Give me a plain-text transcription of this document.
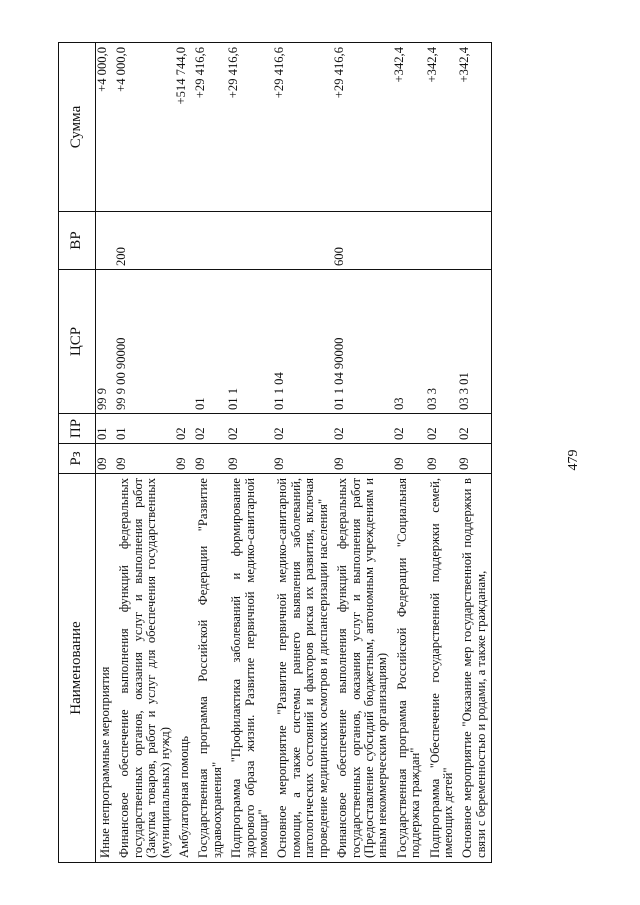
479
Наименование	Рз	ПР	ЦСР	ВР	Сумма
Иные непрограммные мероприятия	09	01	99 9		+4 000,0
Финансовое обеспечение выполнения функций федеральных государственных органов, оказания услуг и выполнения работ (Закупка товаров, работ и услуг для обеспечения государственных (муниципальных) нужд)	09	01	99 9 00 90000	200	+4 000,0
Амбулаторная помощь	09	02			+514 744,0
Государственная программа Российской Федерации "Развитие здравоохранения"	09	02	01		+29 416,6
Подпрограмма "Профилактика заболеваний и формирование здорового образа жизни. Развитие первичной медико-санитарной помощи"	09	02	01 1		+29 416,6
Основное мероприятие "Развитие первичной медико-санитарной помощи, а также системы раннего выявления заболеваний, патологических состояний и факторов риска их развития, включая проведение медицинских осмотров и диспансеризации населения"	09	02	01 1 04		+29 416,6
Финансовое обеспечение выполнения функций федеральных государственных органов, оказания услуг и выполнения работ (Предоставление субсидий бюджетным, автономным учреждениям и иным некоммерческим организациям)	09	02	01 1 04 90000	600	+29 416,6
Государственная программа Российской Федерации "Социальная поддержка граждан"	09	02	03		+342,4
Подпрограмма "Обеспечение государственной поддержки семей, имеющих детей"	09	02	03 3		+342,4
Основное мероприятие "Оказание мер государственной поддержки в связи с беременностью и родами, а также гражданам,	09	02	03 3 01		+342,4
